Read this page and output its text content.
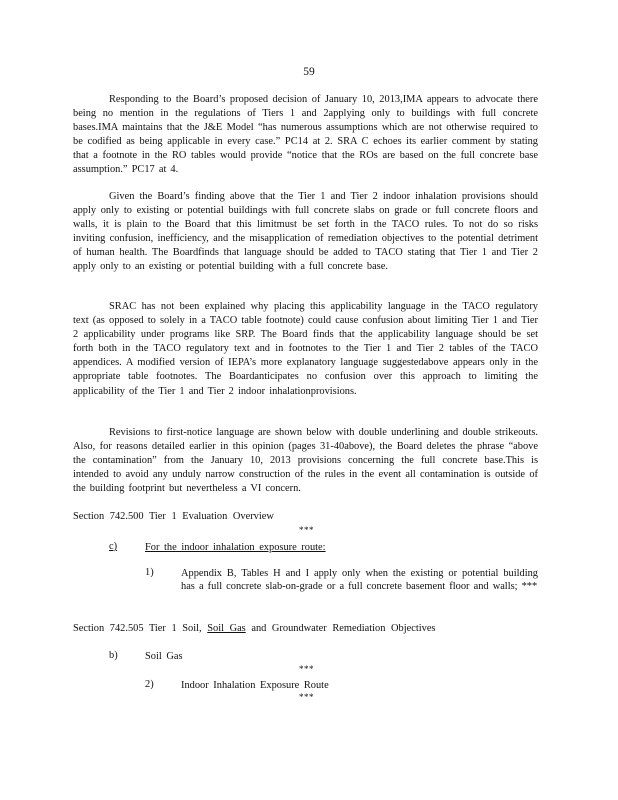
59
Responding to the Board’s proposed decision of January 10, 2013,IMA appears to advocate there being no mention in the regulations of Tiers 1 and 2applying only to buildings with full concrete bases.IMA maintains that the J&E Model “has numerous assumptions which are not otherwise required to be codified as being applicable in every case.” PC14 at 2. SRA C echoes its earlier comment by stating that a footnote in the RO tables would provide “notice that the ROs are based on the full concrete base assumption.” PC17 at 4.
Given the Board’s finding above that the Tier 1 and Tier 2 indoor inhalation provisions should apply only to existing or potential buildings with full concrete slabs on grade or full concrete floors and walls, it is plain to the Board that this limitmust be set forth in the TACO rules. To not do so risks inviting confusion, inefficiency, and the misapplication of remediation objectives to the potential detriment of human health. The Boardfinds that language should be added to TACO stating that Tier 1 and Tier 2 apply only to an existing or potential building with a full concrete base.
SRAC has not been explained why placing this applicability language in the TACO regulatory text (as opposed to solely in a TACO table footnote) could cause confusion about limiting Tier 1 and Tier 2 applicability under programs like SRP. The Board finds that the applicability language should be set forth both in the TACO regulatory text and in footnotes to the Tier 1 and Tier 2 tables of the TACO appendices. A modified version of IEPA’s more explanatory language suggestedabove appears only in the appropriate table footnotes. The Boardanticipates no confusion over this approach to limiting the applicability of the Tier 1 and Tier 2 indoor inhalationprovisions.
Revisions to first-notice language are shown below with double underlining and double strikeouts. Also, for reasons detailed earlier in this opinion (pages 31-40above), the Board deletes the phrase “above the contamination” from the January 10, 2013 provisions concerning the full concrete base.This is intended to avoid any unduly narrow construction of the rules in the event all contamination is outside of the building footprint but nevertheless a VI concern.
Section 742.500 Tier 1 Evaluation Overview
***
c)	For the indoor inhalation exposure route:
1)	Appendix B, Tables H and I apply only when the existing or potential building has a full concrete slab-on-grade or a full concrete basement floor and walls; ***
Section 742.505 Tier 1 Soil, Soil Gas and Groundwater Remediation Objectives
b)	Soil Gas
***
2)	Indoor Inhalation Exposure Route
***
